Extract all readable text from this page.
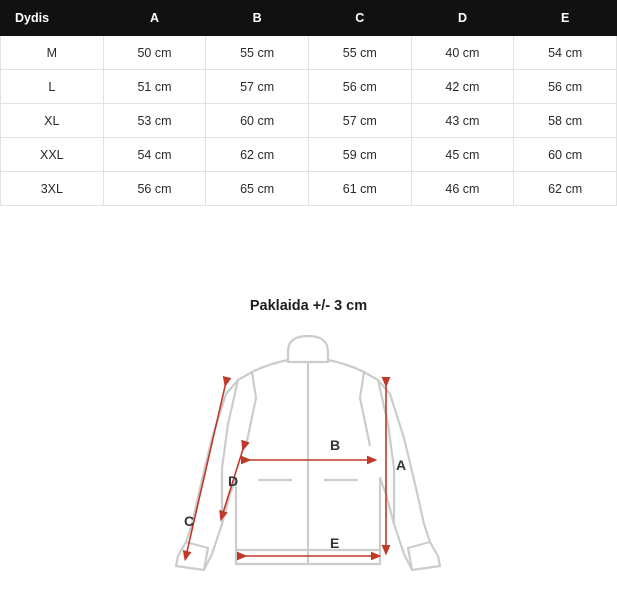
Dydis	A	B	C	D	E
M	50 cm	55 cm	55 cm	40 cm	54 cm
L	51 cm	57 cm	56 cm	42 cm	56 cm
XL	53 cm	60 cm	57 cm	43 cm	58 cm
XXL	54 cm	62 cm	59 cm	45 cm	60 cm
3XL	56 cm	65 cm	61 cm	46 cm	62 cm
Paklaida +/- 3 cm
A
B
C
D
E
